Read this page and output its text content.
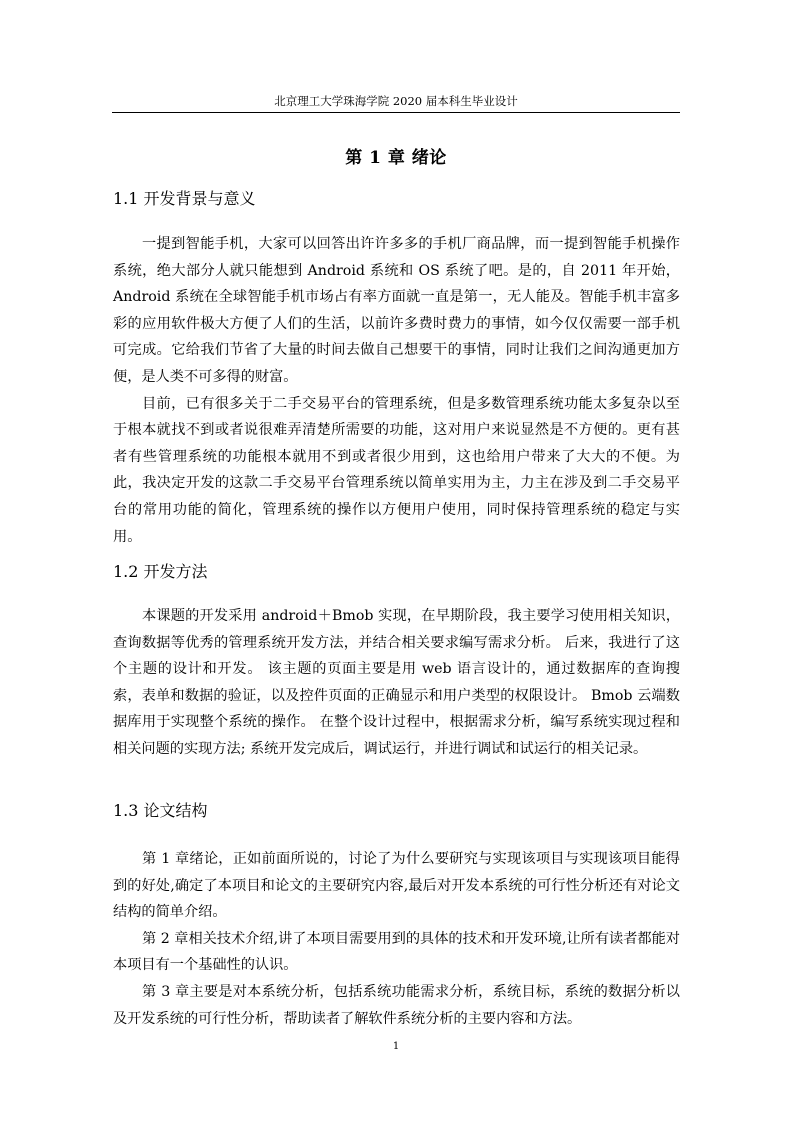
北京理工大学珠海学院 2020 届本科生毕业设计
第 1 章 绪论
1.1 开发背景与意义

一提到智能手机，大家可以回答出许许多多的手机厂商品牌，而一提到智能手机操作系统，绝大部分人就只能想到 Android 系统和 OS 系统了吧。是的，自 2011 年开始，Android 系统在全球智能手机市场占有率方面就一直是第一，无人能及。智能手机丰富多彩的应用软件极大方便了人们的生活，以前许多费时费力的事情，如今仅仅需要一部手机可完成。它给我们节省了大量的时间去做自己想要干的事情，同时让我们之间沟通更加方便，是人类不可多得的财富。

目前，已有很多关于二手交易平台的管理系统，但是多数管理系统功能太多复杂以至于根本就找不到或者说很难弄清楚所需要的功能，这对用户来说显然是不方便的。更有甚者有些管理系统的功能根本就用不到或者很少用到，这也给用户带来了大大的不便。为此，我决定开发的这款二手交易平台管理系统以简单实用为主，力主在涉及到二手交易平台的常用功能的简化，管理系统的操作以方便用户使用，同时保持管理系统的稳定与实用。

1.2 开发方法

本课题的开发采用 android＋Bmob 实现，在早期阶段，我主要学习使用相关知识，查询数据等优秀的管理系统开发方法，并结合相关要求编写需求分析。 后来，我进行了这个主题的设计和开发。 该主题的页面主要是用 web 语言设计的，通过数据库的查询搜索，表单和数据的验证，以及控件页面的正确显示和用户类型的权限设计。 Bmob 云端数据库用于实现整个系统的操作。 在整个设计过程中，根据需求分析，编写系统实现过程和相关问题的实现方法; 系统开发完成后，调试运行，并进行调试和试运行的相关记录。

1.3 论文结构

第 1 章绪论，正如前面所说的，讨论了为什么要研究与实现该项目与实现该项目能得到的好处,确定了本项目和论文的主要研究内容,最后对开发本系统的可行性分析还有对论文结构的简单介绍。

第 2 章相关技术介绍,讲了本项目需要用到的具体的技术和开发环境,让所有读者都能对本项目有一个基础性的认识。

第 3 章主要是对本系统分析，包括系统功能需求分析，系统目标，系统的数据分析以及开发系统的可行性分析，帮助读者了解软件系统分析的主要内容和方法。

1
